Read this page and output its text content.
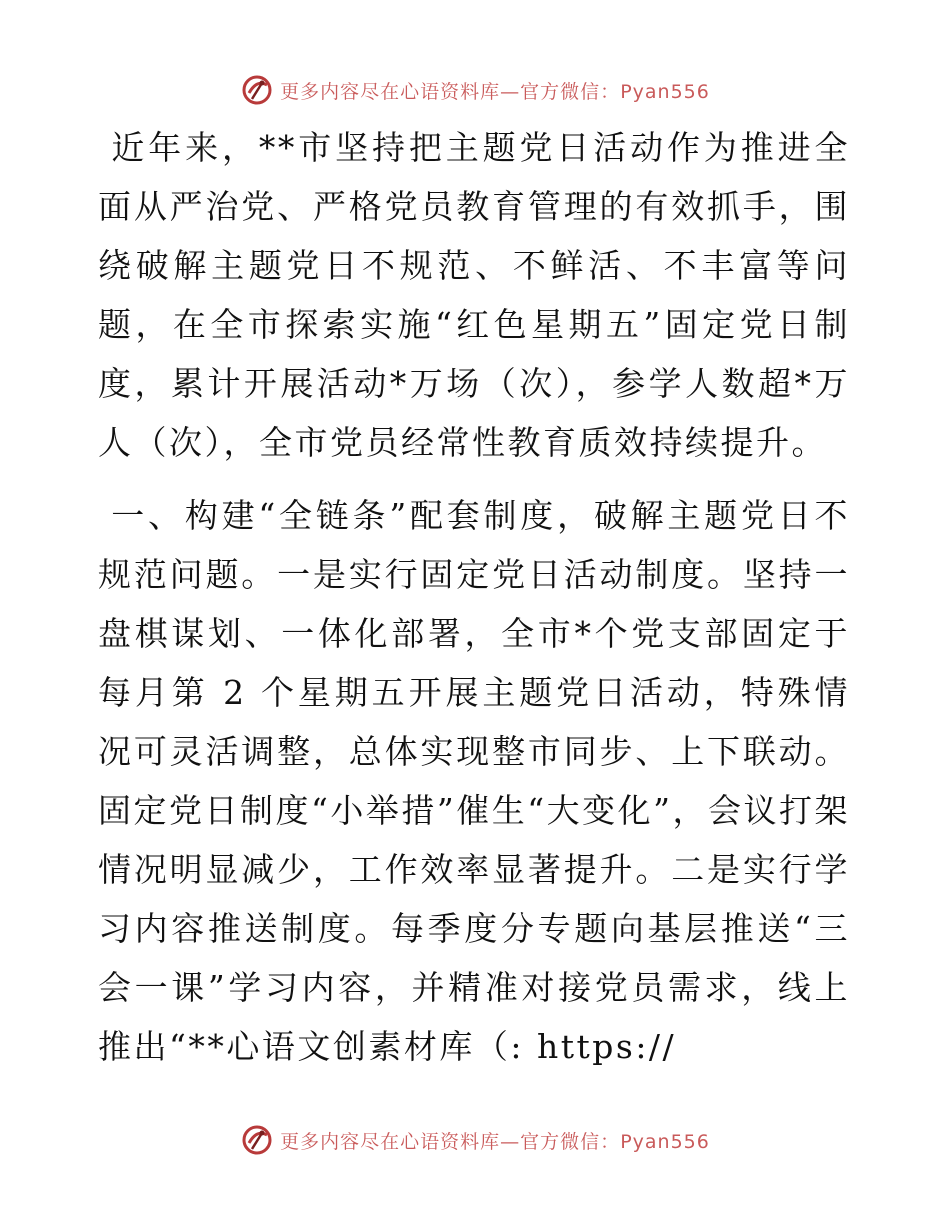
更多内容尽在心语资料库—官方微信：Pyan556

近年来，**市坚持把主题党日活动作为推进全面从严治党、严格党员教育管理的有效抓手，围绕破解主题党日不规范、不鲜活、不丰富等问题，在全市探索实施“红色星期五”固定党日制度，累计开展活动*万场（次），参学人数超*万人（次），全市党员经常性教育质效持续提升。

一、构建“全链条”配套制度，破解主题党日不规范问题。一是实行固定党日活动制度。坚持一盘棋谋划、一体化部署，全市*个党支部固定于每月第 2 个星期五开展主题党日活动，特殊情况可灵活调整，总体实现整市同步、上下联动。固定党日制度“小举措”催生“大变化”，会议打架情况明显减少，工作效率显著提升。二是实行学习内容推送制度。每季度分专题向基层推送“三会一课”学习内容，并精准对接党员需求，线上推出“**心语文创素材库（: https://

更多内容尽在心语资料库—官方微信：Pyan556
